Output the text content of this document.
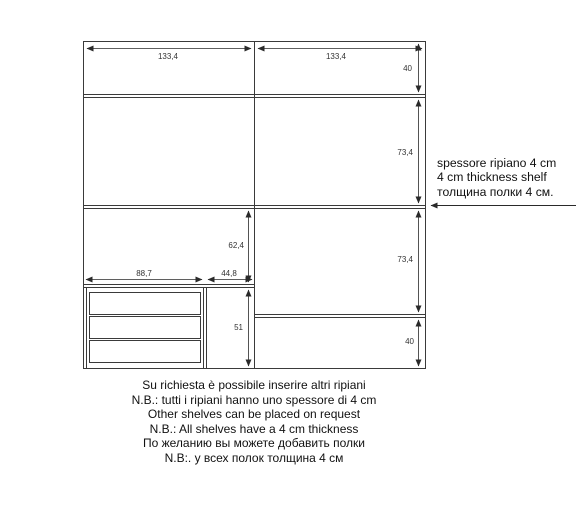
133,4	133,4
40
73,4
73,4
62,4
88,7	44,8
51
40
spessore ripiano 4 cm
4 cm thickness shelf
толщина полки 4 см.
Su richiesta è possibile inserire altri ripiani
N.B.: tutti i ripiani hanno uno spessore di 4 cm
Other shelves can be placed on request
N.B.: All shelves have a 4 cm thickness
По желанию вы можете добавить полки
N.B:. у всех полок толщина 4 см
